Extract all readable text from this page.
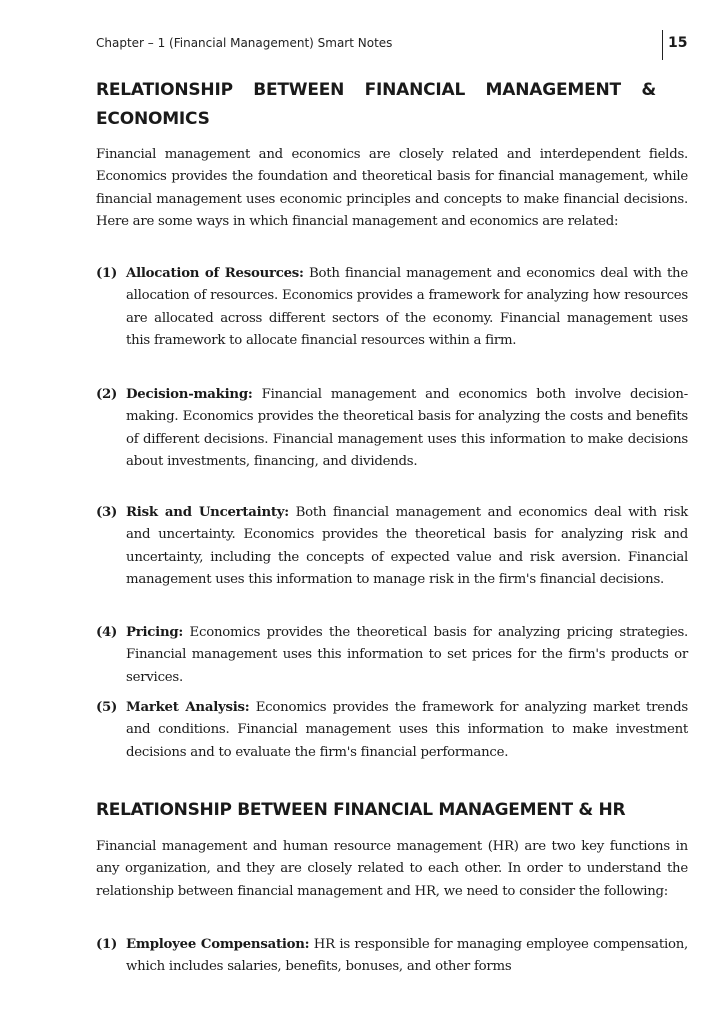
Chapter – 1 (Financial Management) Smart Notes	15
RELATIONSHIP BETWEEN FINANCIAL MANAGEMENT &
ECONOMICS
Financial management and economics are closely related and interdependent fields. Economics provides the foundation and theoretical basis for financial management, while financial management uses economic principles and concepts to make financial decisions. Here are some ways in which financial management and economics are related:
(1) Allocation of Resources: Both financial management and economics deal with the allocation of resources. Economics provides a framework for analyzing how resources are allocated across different sectors of the economy. Financial management uses this framework to allocate financial resources within a firm.
(2) Decision-making: Financial management and economics both involve decision-making. Economics provides the theoretical basis for analyzing the costs and benefits of different decisions. Financial management uses this information to make decisions about investments, financing, and dividends.
(3) Risk and Uncertainty: Both financial management and economics deal with risk and uncertainty. Economics provides the theoretical basis for analyzing risk and uncertainty, including the concepts of expected value and risk aversion. Financial management uses this information to manage risk in the firm's financial decisions.
(4) Pricing: Economics provides the theoretical basis for analyzing pricing strategies. Financial management uses this information to set prices for the firm's products or services.
(5) Market Analysis: Economics provides the framework for analyzing market trends and conditions. Financial management uses this information to make investment decisions and to evaluate the firm's financial performance.
RELATIONSHIP BETWEEN FINANCIAL MANAGEMENT & HR
Financial management and human resource management (HR) are two key functions in any organization, and they are closely related to each other. In order to understand the relationship between financial management and HR, we need to consider the following:
(1) Employee Compensation: HR is responsible for managing employee compensation, which includes salaries, benefits, bonuses, and other forms
